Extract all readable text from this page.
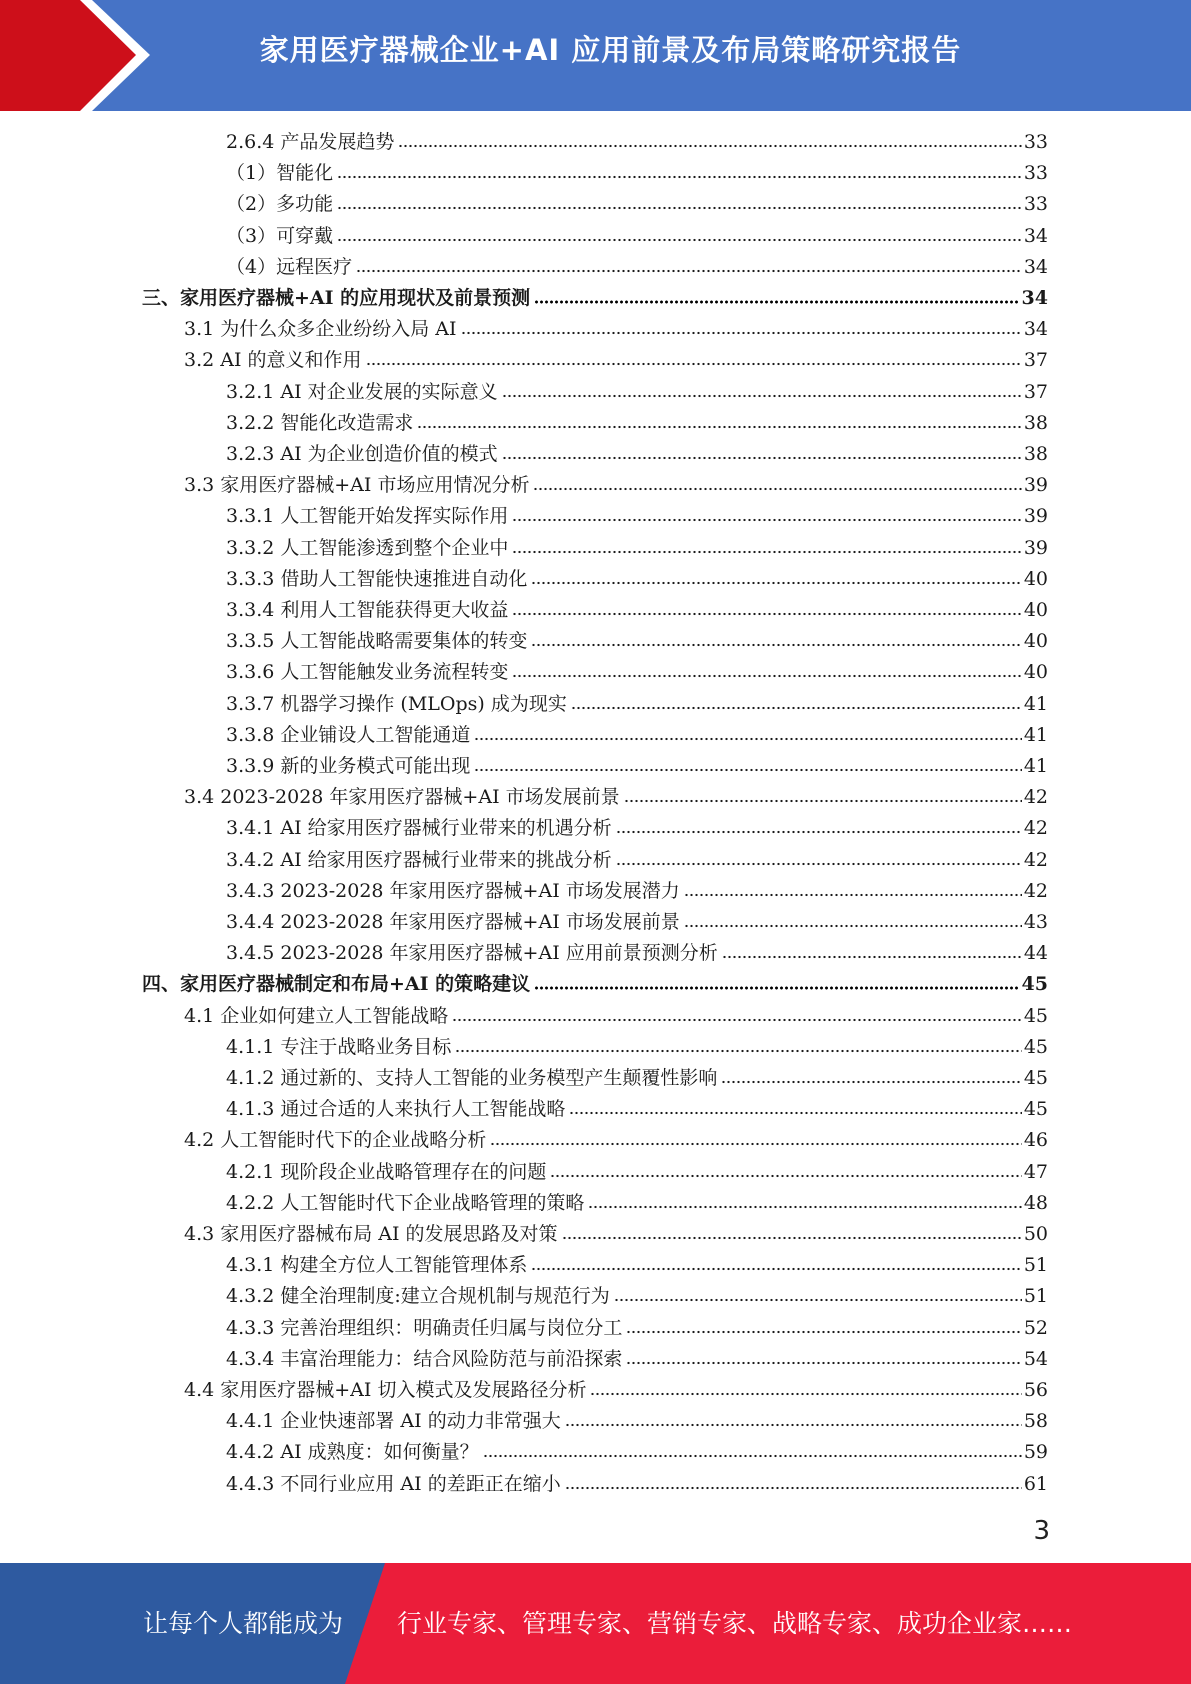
家用医疗器械企业+AI 应用前景及布局策略研究报告
2.6.4 产品发展趋势	33
（1）智能化	33
（2）多功能	33
（3）可穿戴	34
（4）远程医疗	34
三、家用医疗器械+AI 的应用现状及前景预测	34
3.1 为什么众多企业纷纷入局 AI	34
3.2 AI 的意义和作用	37
3.2.1 AI 对企业发展的实际意义	37
3.2.2 智能化改造需求	38
3.2.3 AI 为企业创造价值的模式	38
3.3 家用医疗器械+AI 市场应用情况分析	39
3.3.1 人工智能开始发挥实际作用	39
3.3.2 人工智能渗透到整个企业中	39
3.3.3 借助人工智能快速推进自动化	40
3.3.4 利用人工智能获得更大收益	40
3.3.5 人工智能战略需要集体的转变	40
3.3.6 人工智能触发业务流程转变	40
3.3.7 机器学习操作 (MLOps) 成为现实	41
3.3.8 企业铺设人工智能通道	41
3.3.9 新的业务模式可能出现	41
3.4 2023-2028 年家用医疗器械+AI 市场发展前景	42
3.4.1 AI 给家用医疗器械行业带来的机遇分析	42
3.4.2 AI 给家用医疗器械行业带来的挑战分析	42
3.4.3 2023-2028 年家用医疗器械+AI 市场发展潜力	42
3.4.4 2023-2028 年家用医疗器械+AI 市场发展前景	43
3.4.5 2023-2028 年家用医疗器械+AI 应用前景预测分析	44
四、家用医疗器械制定和布局+AI 的策略建议	45
4.1 企业如何建立人工智能战略	45
4.1.1 专注于战略业务目标	45
4.1.2 通过新的、支持人工智能的业务模型产生颠覆性影响	45
4.1.3 通过合适的人来执行人工智能战略	45
4.2 人工智能时代下的企业战略分析	46
4.2.1 现阶段企业战略管理存在的问题	47
4.2.2 人工智能时代下企业战略管理的策略	48
4.3 家用医疗器械布局 AI 的发展思路及对策	50
4.3.1 构建全方位人工智能管理体系	51
4.3.2 健全治理制度:建立合规机制与规范行为	51
4.3.3 完善治理组织：明确责任归属与岗位分工	52
4.3.4 丰富治理能力：结合风险防范与前沿探索	54
4.4 家用医疗器械+AI 切入模式及发展路径分析	56
4.4.1 企业快速部署 AI 的动力非常强大	58
4.4.2 AI 成熟度：如何衡量？	59
4.4.3 不同行业应用 AI 的差距正在缩小	61
3
让每个人都能成为 行业专家、管理专家、营销专家、战略专家、成功企业家……
